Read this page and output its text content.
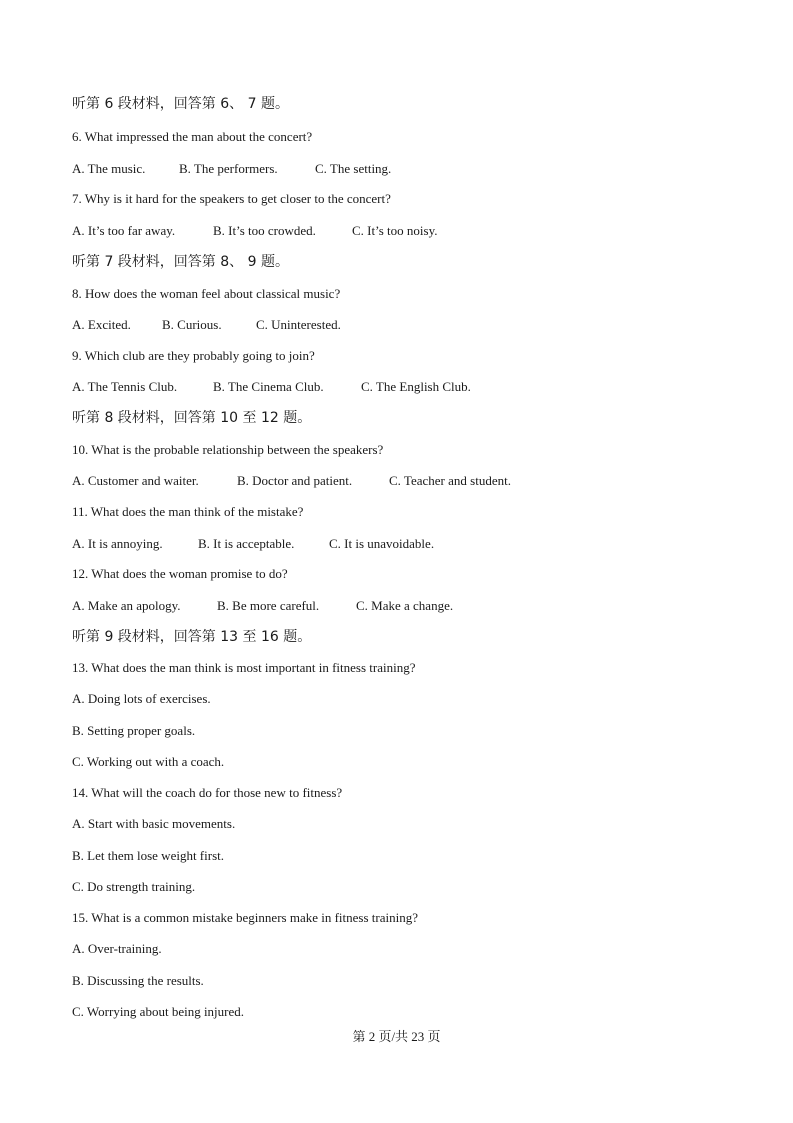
听第 6 段材料，回答第 6、 7 题。
6. What impressed the man about the concert?
A. The music.	B. The performers.	C. The setting.
7. Why is it hard for the speakers to get closer to the concert?
A. It’s too far away.	B. It’s too crowded.	C. It’s too noisy.
听第 7 段材料，回答第 8、 9 题。
8. How does the woman feel about classical music?
A. Excited.	B. Curious.	C. Uninterested.
9. Which club are they probably going to join?
A. The Tennis Club.	B. The Cinema Club.	C. The English Club.
听第 8 段材料，回答第 10 至 12 题。
10. What is the probable relationship between the speakers?
A. Customer and waiter.	B. Doctor and patient.	C. Teacher and student.
11. What does the man think of the mistake?
A. It is annoying.	B. It is acceptable.	C. It is unavoidable.
12. What does the woman promise to do?
A. Make an apology.	B. Be more careful.	C. Make a change.
听第 9 段材料，回答第 13 至 16 题。
13. What does the man think is most important in fitness training?
A. Doing lots of exercises.
B. Setting proper goals.
C. Working out with a coach.
14. What will the coach do for those new to fitness?
A. Start with basic movements.
B. Let them lose weight first.
C. Do strength training.
15. What is a common mistake beginners make in fitness training?
A. Over-training.
B. Discussing the results.
C. Worrying about being injured.
第 2 页/共 23 页
